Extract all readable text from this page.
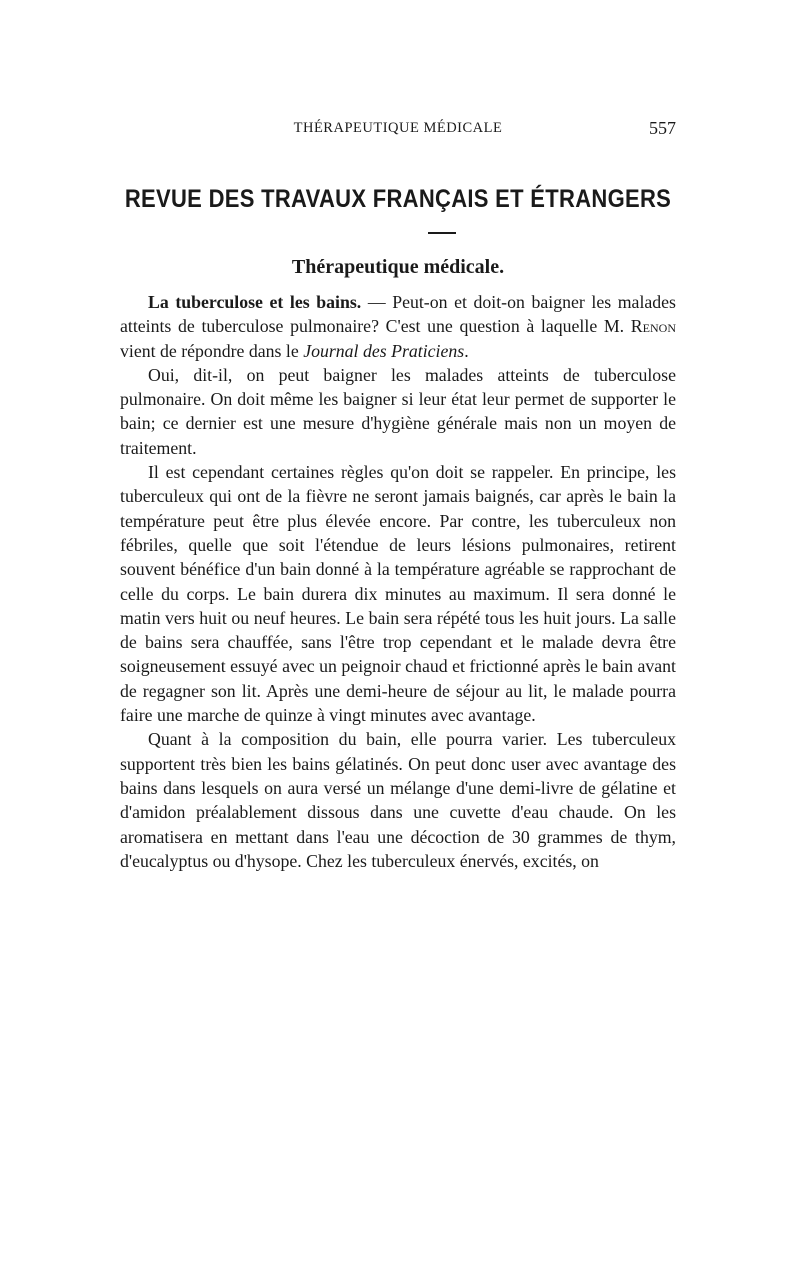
THÉRAPEUTIQUE MÉDICALE	557
REVUE DES TRAVAUX FRANÇAIS ET ÉTRANGERS
Thérapeutique médicale.

La tuberculose et les bains. — Peut-on et doit-on baigner les malades atteints de tuberculose pulmonaire? C'est une question à laquelle M. Renon vient de répondre dans le Journal des Praticiens.

Oui, dit-il, on peut baigner les malades atteints de tuberculose pulmonaire. On doit même les baigner si leur état leur permet de supporter le bain; ce dernier est une mesure d'hygiène générale mais non un moyen de traitement.

Il est cependant certaines règles qu'on doit se rappeler. En principe, les tuberculeux qui ont de la fièvre ne seront jamais baignés, car après le bain la température peut être plus élevée encore. Par contre, les tuberculeux non fébriles, quelle que soit l'étendue de leurs lésions pulmonaires, retirent souvent bénéfice d'un bain donné à la température agréable se rapprochant de celle du corps. Le bain durera dix minutes au maximum. Il sera donné le matin vers huit ou neuf heures. Le bain sera répété tous les huit jours. La salle de bains sera chauffée, sans l'être trop cependant et le malade devra être soigneusement essuyé avec un peignoir chaud et frictionné après le bain avant de regagner son lit. Après une demi-heure de séjour au lit, le malade pourra faire une marche de quinze à vingt minutes avec avantage.

Quant à la composition du bain, elle pourra varier. Les tuberculeux supportent très bien les bains gélatinés. On peut donc user avec avantage des bains dans lesquels on aura versé un mélange d'une demi-livre de gélatine et d'amidon préalablement dissous dans une cuvette d'eau chaude. On les aromatisera en mettant dans l'eau une décoction de 30 grammes de thym, d'eucalyptus ou d'hysope. Chez les tuberculeux énervés, excités, on
